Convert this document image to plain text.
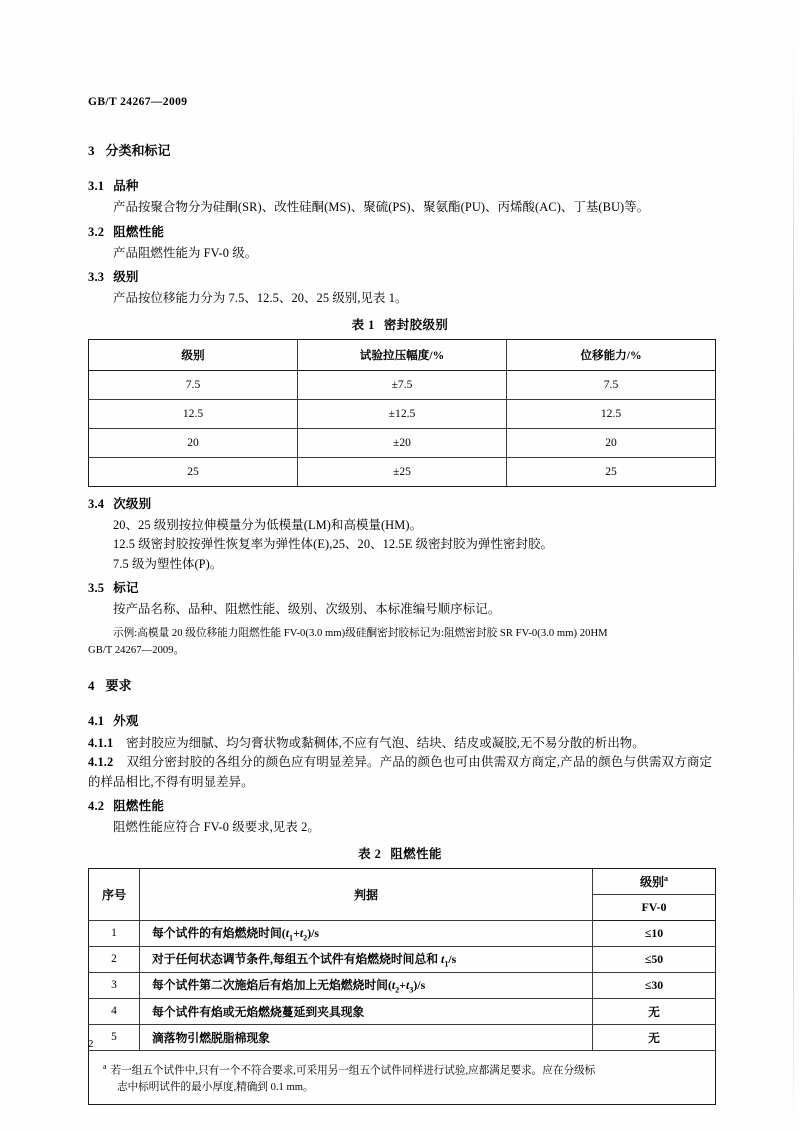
GB/T 24267—2009

3 分类和标记

3.1 品种

产品按聚合物分为硅酮(SR)、改性硅酮(MS)、聚硫(PS)、聚氨酯(PU)、丙烯酸(AC)、丁基(BU)等。

3.2 阻燃性能

产品阻燃性能为 FV-0 级。

3.3 级别

产品按位移能力分为 7.5、12.5、20、25 级别,见表 1。

表 1 密封胶级别

级别	试验拉压幅度/%	位移能力/%
7.5	±7.5	7.5
12.5	±12.5	12.5
20	±20	20
25	±25	25

3.4 次级别

20、25 级别按拉伸模量分为低模量(LM)和高模量(HM)。

12.5 级密封胶按弹性恢复率为弹性体(E),25、20、12.5E 级密封胶为弹性密封胶。

7.5 级为塑性体(P)。

3.5 标记

按产品名称、品种、阻燃性能、级别、次级别、本标准编号顺序标记。

示例:高模量 20 级位移能力阻燃性能 FV-0(3.0 mm)级硅酮密封胶标记为:阻燃密封胶 SR FV-0(3.0 mm) 20HM

GB/T 24267—2009。

4 要求

4.1 外观

4.1.1 密封胶应为细腻、均匀膏状物或黏稠体,不应有气泡、结块、结皮或凝胶,无不易分散的析出物。

4.1.2 双组分密封胶的各组分的颜色应有明显差异。产品的颜色也可由供需双方商定,产品的颜色与供需双方商定的样品相比,不得有明显差异。

4.2 阻燃性能

阻燃性能应符合 FV-0 级要求,见表 2。

表 2 阻燃性能

序号	判据	级别$^a$
		FV-0
1	每个试件的有焰燃烧时间$(t_1+t_2)/s$	≤10
2	对于任何状态调节条件,每组五个试件有焰燃烧时间总和 $t_1/s$	≤50
3	每个试件第二次施焰后有焰加上无焰燃烧时间$(t_2+t_3)/s$	≤30
4	每个试件有焰或无焰燃烧蔓延到夹具现象	无
5	滴落物引燃脱脂棉现象	无
$^a$ 若一组五个试件中,只有一个不符合要求,可采用另一组五个试件同样进行试验,应都满足要求。应在分级标
志中标明试件的最小厚度,精确到 0.1 mm。		
2
